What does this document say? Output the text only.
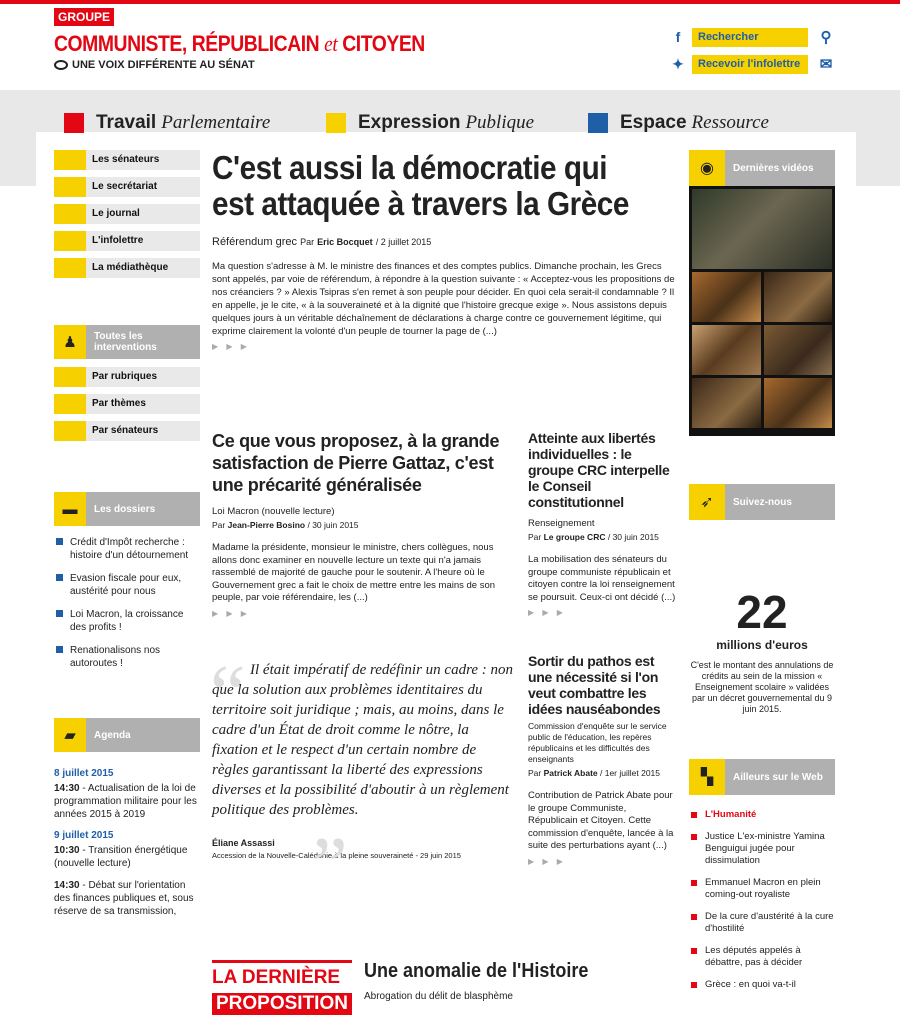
GROUPE
COMMUNISTE, RÉPUBLICAIN et CITOYEN
UNE VOIX DIFFÉRENTE AU SÉNAT
f	Rechercher	⚲
✦	Recevoir l'infolettre	✉
Travail Parlementaire	Expression Publique	Espace Ressource
Les sénateurs
Le secrétariat
Le journal
L'infolettre
La médiathèque
♟	Toutes les interventions
Par rubriques
Par thèmes
Par sénateurs
▬	Les dossiers
Crédit d'Impôt recherche : histoire d'un détournement
Evasion fiscale pour eux, austérité pour nous
Loi Macron, la croissance des profits !
Renationalisons nos autoroutes !
▰	Agenda
8 juillet 2015
14:30 - Actualisation de la loi de programmation militaire pour les années 2015 à 2019
9 juillet 2015
10:30 - Transition énergétique (nouvelle lecture)
14:30 - Débat sur l'orientation des finances publiques et, sous réserve de sa transmission,
C'est aussi la démocratie qui est attaquée à travers la Grèce
Référendum grec Par Eric Bocquet / 2 juillet 2015
Ma question s'adresse à M. le ministre des finances et des comptes publics. Dimanche prochain, les Grecs sont appelés, par voie de référendum, à répondre à la question suivante : « Acceptez-vous les propositions de nos créanciers ? » Alexis Tsipras s'en remet à son peuple pour décider. En quoi cela serait-il condamnable ? Il en appelle, je le cite, « à la souveraineté et à la dignité que l'histoire grecque exige ». Nous assistons depuis quelques jours à un véritable déchaînement de déclarations à charge contre ce gouvernement légitime, qui exprime clairement la volonté d'un peuple de tourner la page de (...)
▶ ▶ ▶
Ce que vous proposez, à la grande satisfaction de Pierre Gattaz, c'est une précarité généralisée
Loi Macron (nouvelle lecture)
Par Jean-Pierre Bosino / 30 juin 2015
Madame la présidente, monsieur le ministre, chers collègues, nous allons donc examiner en nouvelle lecture un texte qui n'a jamais rassemblé de majorité de gauche pour le soutenir. A l'heure où le Gouvernement grec a fait le choix de mettre entre les mains de son peuple, par voie référendaire, les (...)
▶ ▶ ▶
Atteinte aux libertés individuelles : le groupe CRC interpelle le Conseil constitutionnel
Renseignement
Par Le groupe CRC / 30 juin 2015
La mobilisation des sénateurs du groupe communiste républicain et citoyen contre la loi renseignement se poursuit. Ceux-ci ont décidé (...)
▶ ▶ ▶
Sortir du pathos est une nécessité si l'on veut combattre les idées nauséabondes
Commission d'enquête sur le service public de l'éducation, les repères républicains et les difficultés des enseignants
Par Patrick Abate / 1er juillet 2015
Contribution de Patrick Abate pour le groupe Communiste, Républicain et Citoyen. Cette commission d'enquête, lancée à la suite des perturbations ayant (...)
▶ ▶ ▶
“ Il était impératif de redéfinir un cadre : non que la solution aux problèmes identitaires du territoire soit juridique ; mais, au moins, dans le cadre d'un État de droit comme le nôtre, la fixation et le respect d'un certain nombre de règles garantissant la liberté des expressions diverses et la possibilité d'aboutir à un règlement politique des problèmes.
”
Éliane Assassi
Accession de la Nouvelle-Calédonie à la pleine souveraineté - 29 juin 2015
LA DERNIÈRE
PROPOSITION
Une anomalie de l'Histoire
Abrogation du délit de blasphème
◉	Dernières vidéos
➶	Suivez-nous
22
millions d'euros
C'est le montant des annulations de crédits au sein de la mission « Enseignement scolaire » validées par un décret gouvernemental du 9 juin 2015.
▚	Ailleurs sur le Web
L'Humanité
Justice L'ex-ministre Yamina Benguigui jugée pour dissimulation
Emmanuel Macron en plein coming-out royaliste
De la cure d'austérité à la cure d'hostilité
Les députés appelés à débattre, pas à décider
Grèce : en quoi va-t-il
